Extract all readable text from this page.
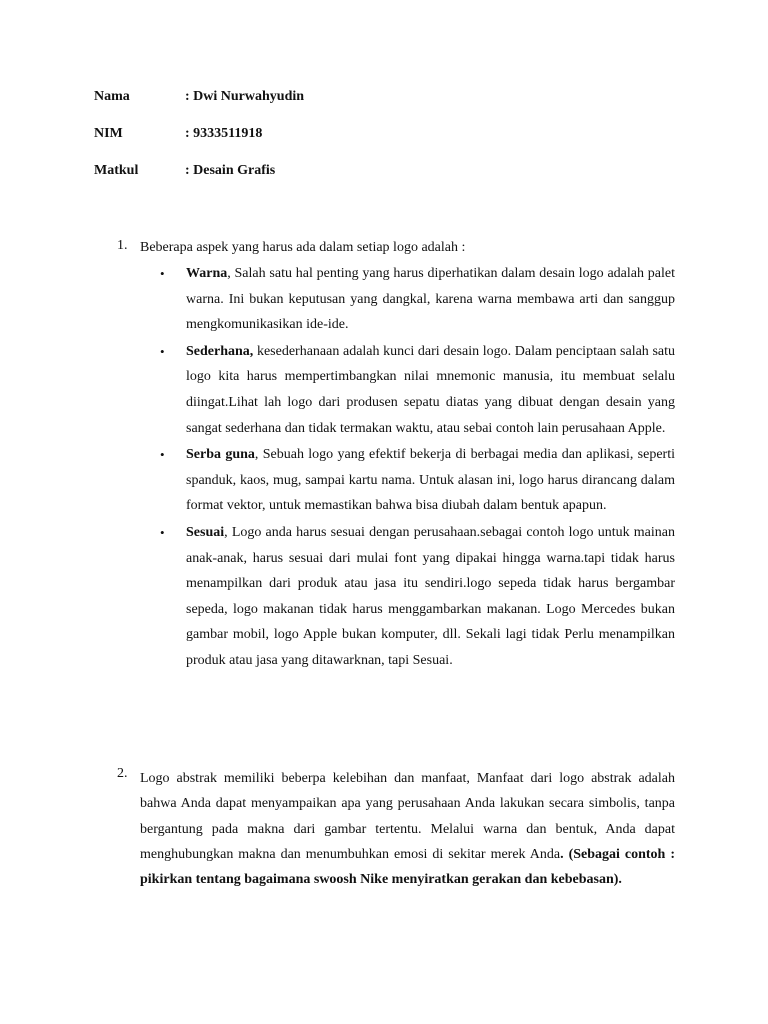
Nama	: Dwi Nurwahyudin
NIM	: 9333511918
Matkul	: Desain Grafis
1. Beberapa aspek yang harus ada dalam setiap logo adalah :
• Warna, Salah satu hal penting yang harus diperhatikan dalam desain logo adalah palet warna. Ini bukan keputusan yang dangkal, karena warna membawa arti dan sanggup mengkomunikasikan ide-ide.
• Sederhana, kesederhanaan adalah kunci dari desain logo. Dalam penciptaan salah satu logo kita harus mempertimbangkan nilai mnemonic manusia, itu membuat selalu diingat.Lihat lah logo dari produsen sepatu diatas yang dibuat dengan desain yang sangat sederhana dan tidak termakan waktu, atau sebai contoh lain perusahaan Apple.
• Serba guna, Sebuah logo yang efektif bekerja di berbagai media dan aplikasi, seperti spanduk, kaos, mug, sampai kartu nama. Untuk alasan ini, logo harus dirancang dalam format vektor, untuk memastikan bahwa bisa diubah dalam bentuk apapun.
• Sesuai, Logo anda harus sesuai dengan perusahaan.sebagai contoh logo untuk mainan anak-anak, harus sesuai dari mulai font yang dipakai hingga warna.tapi tidak harus menampilkan dari produk atau jasa itu sendiri.logo sepeda tidak harus bergambar sepeda, logo makanan tidak harus menggambarkan makanan. Logo Mercedes bukan gambar mobil, logo Apple bukan komputer, dll. Sekali lagi tidak Perlu menampilkan produk atau jasa yang ditawarknan, tapi Sesuai.
2. Logo abstrak memiliki beberpa kelebihan dan manfaat, Manfaat dari logo abstrak adalah bahwa Anda dapat menyampaikan apa yang perusahaan Anda lakukan secara simbolis, tanpa bergantung pada makna dari gambar tertentu. Melalui warna dan bentuk, Anda dapat menghubungkan makna dan menumbuhkan emosi di sekitar merek Anda. (Sebagai contoh : pikirkan tentang bagaimana swoosh Nike menyiratkan gerakan dan kebebasan).
